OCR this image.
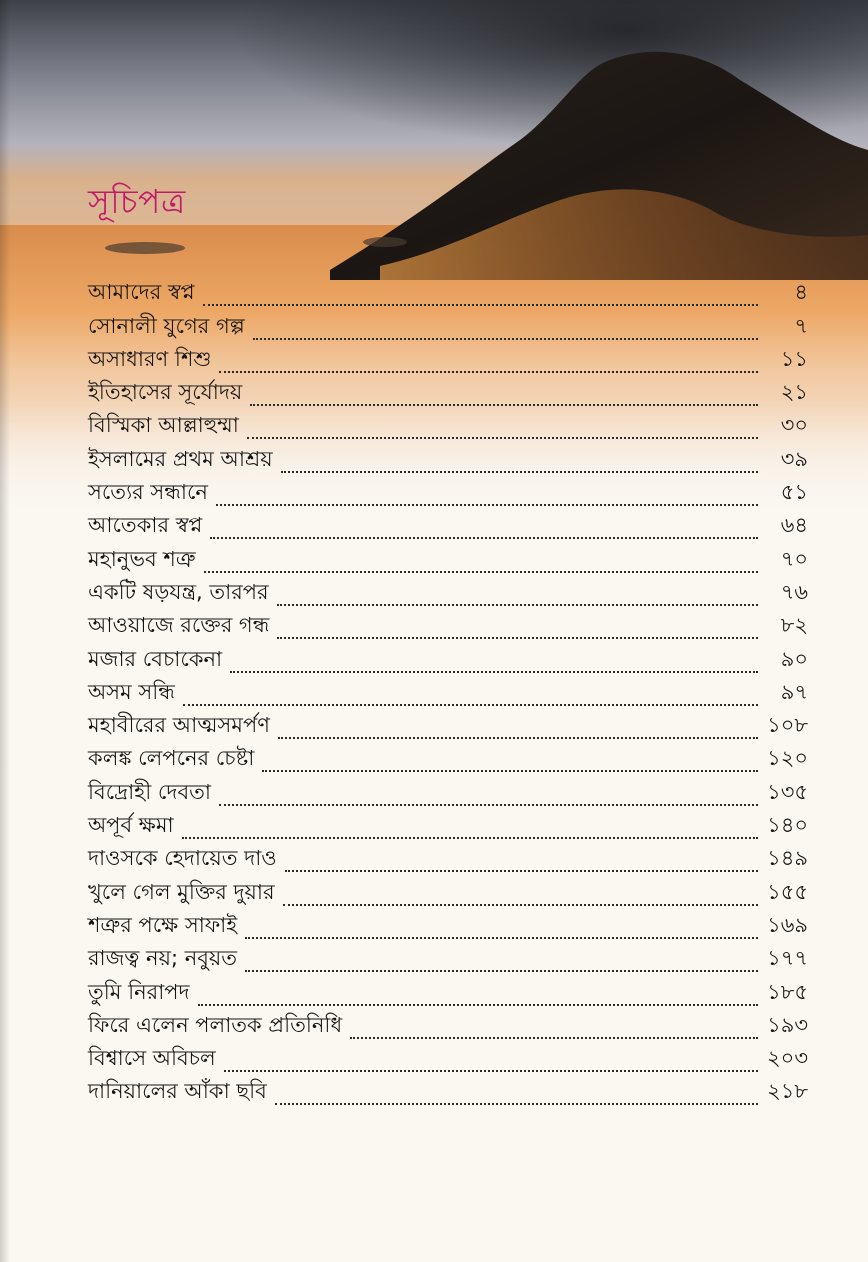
সূচিপত্র
আমাদের স্বপ্ন	৪
সোনালী যুগের গল্প	৭
অসাধারণ শিশু	১১
ইতিহাসের সূর্যোদয়	২১
বিস্মিকা আল্লাহুম্মা	৩০
ইসলামের প্রথম আশ্রয়	৩৯
সত্যের সন্ধানে	৫১
আতেকার স্বপ্ন	৬৪
মহানুভব শত্রু	৭০
একটি ষড়যন্ত্র, তারপর	৭৬
আওয়াজে রক্তের গন্ধ	৮২
মজার বেচাকেনা	৯০
অসম সন্ধি	৯৭
মহাবীরের আত্মসমর্পণ	১০৮
কলঙ্ক লেপনের চেষ্টা	১২০
বিদ্রোহী দেবতা	১৩৫
অপূর্ব ক্ষমা	১৪০
দাওসকে হেদায়েত দাও	১৪৯
খুলে গেল মুক্তির দুয়ার	১৫৫
শত্রুর পক্ষে সাফাই	১৬৯
রাজত্ব নয়; নবুয়ত	১৭৭
তুমি নিরাপদ	১৮৫
ফিরে এলেন পলাতক প্রতিনিধি	১৯৩
বিশ্বাসে অবিচল	২০৩
দানিয়ালের আঁকা ছবি	২১৮
